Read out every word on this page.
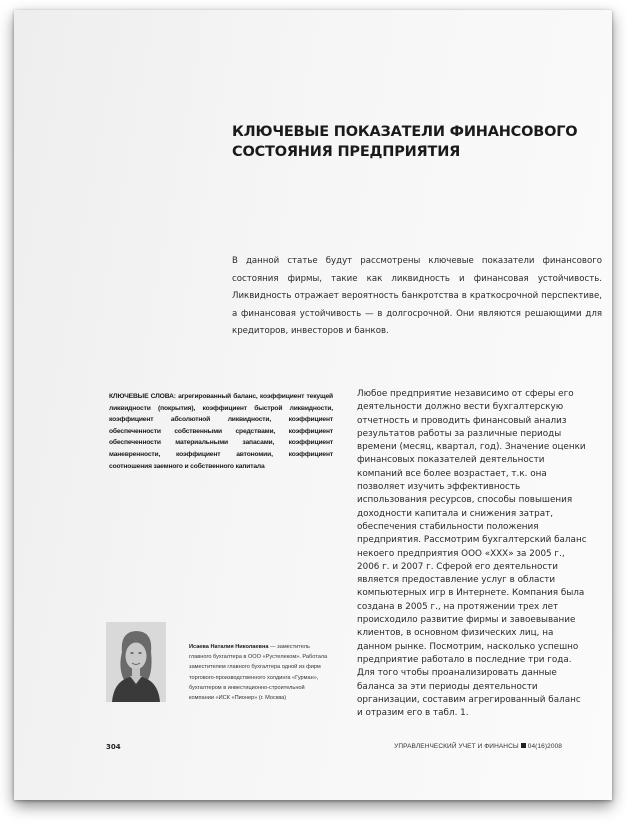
КЛЮЧЕВЫЕ ПОКАЗАТЕЛИ ФИНАНСОВОГО СОСТОЯНИЯ ПРЕДПРИЯТИЯ

В данной статье будут рассмотрены ключевые показатели финансового состояния фирмы, такие как ликвидность и финансовая устойчивость. Ликвидность отражает вероятность банкротства в краткосрочной перспективе, а финансовая устойчивость — в долгосрочной. Они являются решающими для кредиторов, инвесторов и банков.

КЛЮЧЕВЫЕ СЛОВА: агрегированный баланс, коэффициент текущей ликвидности (покрытия), коэффициент быстрой ликвидности, коэффициент абсолютной ликвидности, коэффициент обеспеченности собственными средствами, коэффициент обеспеченности материальными запасами, коэффициент маневренности, коэффициент автономии, коэффициент соотношения заемного и собственного капитала

Любое предприятие независимо от сферы его деятельности должно вести бухгалтерскую отчетность и проводить финансовый анализ результатов работы за различные периоды времени (месяц, квартал, год). Значение оценки финансовых показателей деятельности компаний все более возрастает, т.к. она позволяет изучить эффективность использования ресурсов, способы повышения доходности капитала и снижения затрат, обеспечения стабильности положения предприятия. Рассмотрим бухгалтерский баланс некоего предприятия ООО «XXX» за 2005 г., 2006 г. и 2007 г. Сферой его деятельности является предоставление услуг в области компьютерных игр в Интернете. Компания была создана в 2005 г., на протяжении трех лет происходило развитие фирмы и завоевывание клиентов, в основном физических лиц, на данном рынке. Посмотрим, насколько успешно предприятие работало в последние три года. Для того чтобы проанализировать данные баланса за эти периоды деятельности организации, составим агрегированный баланс и отразим его в табл. 1.

Исаева Наталия Николаевна — заместитель главного бухгалтера в ООО «Рустелеком». Работала заместителем главного бухгалтера одной из фирм торгового-производственного холдинга «Гурман», бухгалтером в инвестиционно-строительной компании «ИСК «Пионер» (г. Москва)

304	УПРАВЛЕНЧЕСКИЙ УЧЕТ И ФИНАНСЫ 04(16)2008
